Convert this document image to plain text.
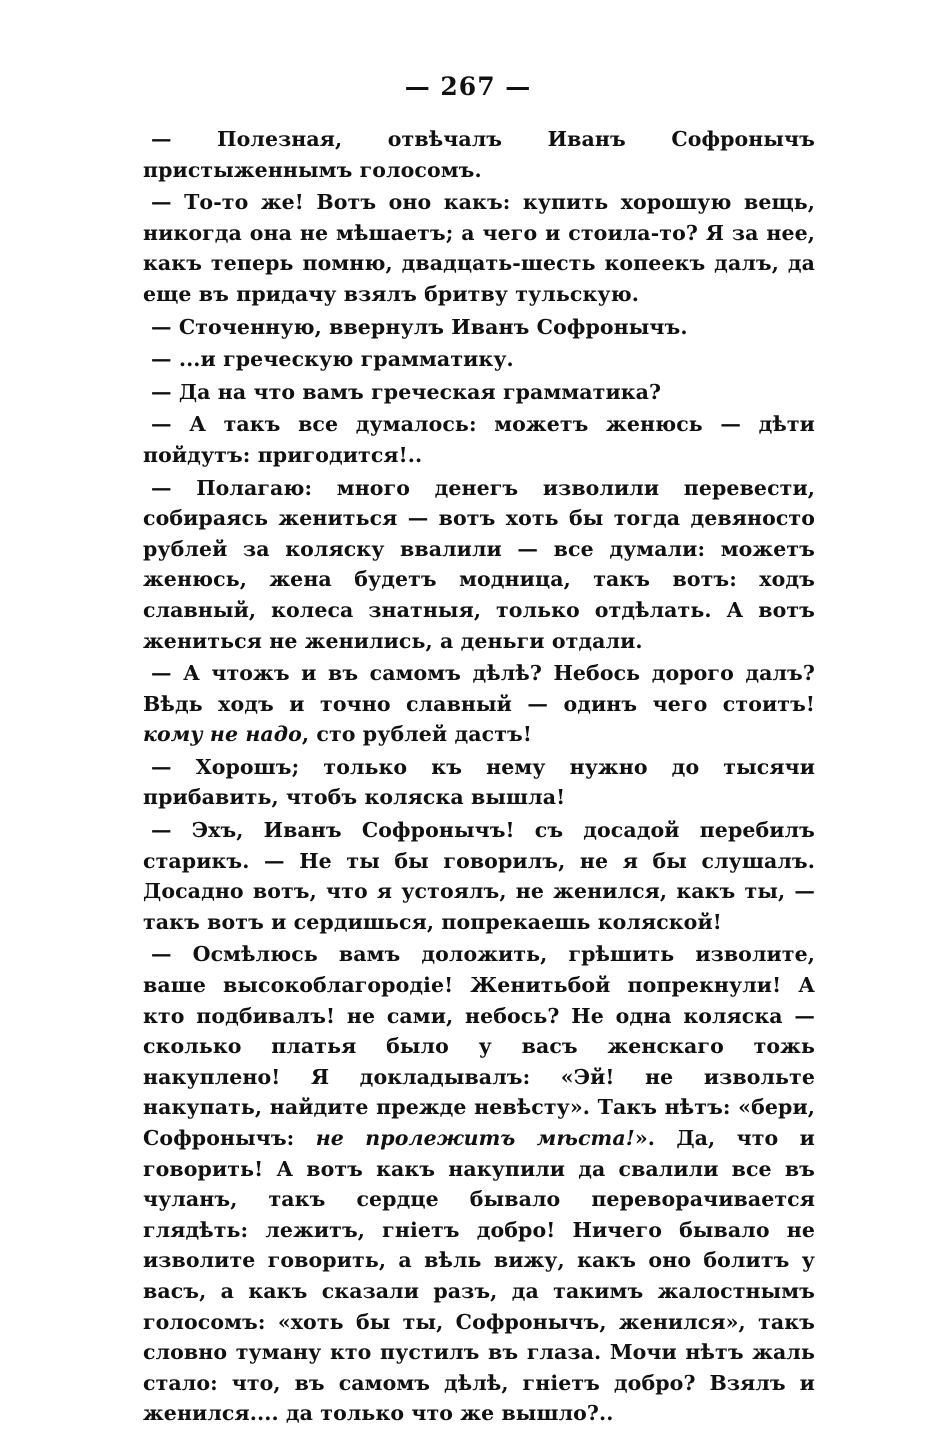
— 267 —

— Полезная, отвѣчалъ Иванъ Софронычъ пристыженнымъ голосомъ.

— То-то же! Вотъ оно какъ: купить хорошую вещь, никогда она не мѣшаетъ; а чего и стоила-то? Я за нее, какъ теперь помню, двадцать-шесть копеекъ далъ, да еще въ придачу взялъ бритву тульскую.

— Сточенную, ввернулъ Иванъ Софронычъ.

— ...и греческую грамматику.

— Да на что вамъ греческая грамматика?

— А такъ все думалось: можетъ женюсь — дѣти пойдутъ: пригодится!..

— Полагаю: много денегъ изволили перевести, собираясь жениться — вотъ хоть бы тогда девяносто рублей за коляску ввалили — все думали: можетъ женюсь, жена будетъ модница, такъ вотъ: ходъ славный, колеса знатныя, только отдѣлать. А вотъ жениться не женились, а деньги отдали.

— А чтожъ и въ самомъ дѣлѣ? Небось дорого далъ? Вѣдь ходъ и точно славный — одинъ чего стоитъ! кому не надо, сто рублей дастъ!

— Хорошъ; только къ нему нужно до тысячи прибавить, чтобъ коляска вышла!

— Эхъ, Иванъ Софронычъ! съ досадой перебилъ старикъ. — Не ты бы говорилъ, не я бы слушалъ. Досадно вотъ, что я устоялъ, не женился, какъ ты, — такъ вотъ и сердишься, попрекаешь коляской!

— Осмѣлюсь вамъ доложить, грѣшить изволите, ваше высокоблагородіе! Женитьбой попрекнули! А кто подбивалъ! не сами, небось? Не одна коляска — сколько платья было у васъ женскаго тожь накуплено! Я докладывалъ: «Эй! не извольте накупать, найдите прежде невѣсту». Такъ нѣтъ: «бери, Софронычъ: не пролежитъ мѣста!». Да, что и говорить! А вотъ какъ накупили да свалили все въ чуланъ, такъ сердце бывало переворачивается глядѣть: лежитъ, гніетъ добро! Ничего бывало не изволите говорить, а вѣль вижу, какъ оно болитъ у васъ, а какъ сказали разъ, да такимъ жалостнымъ голосомъ: «хоть бы ты, Софронычъ, женился», такъ словно туману кто пустилъ въ глаза. Мочи нѣтъ жаль стало: что, въ самомъ дѣлѣ, гніетъ добро? Взялъ и женился.... да только что же вышло?..
